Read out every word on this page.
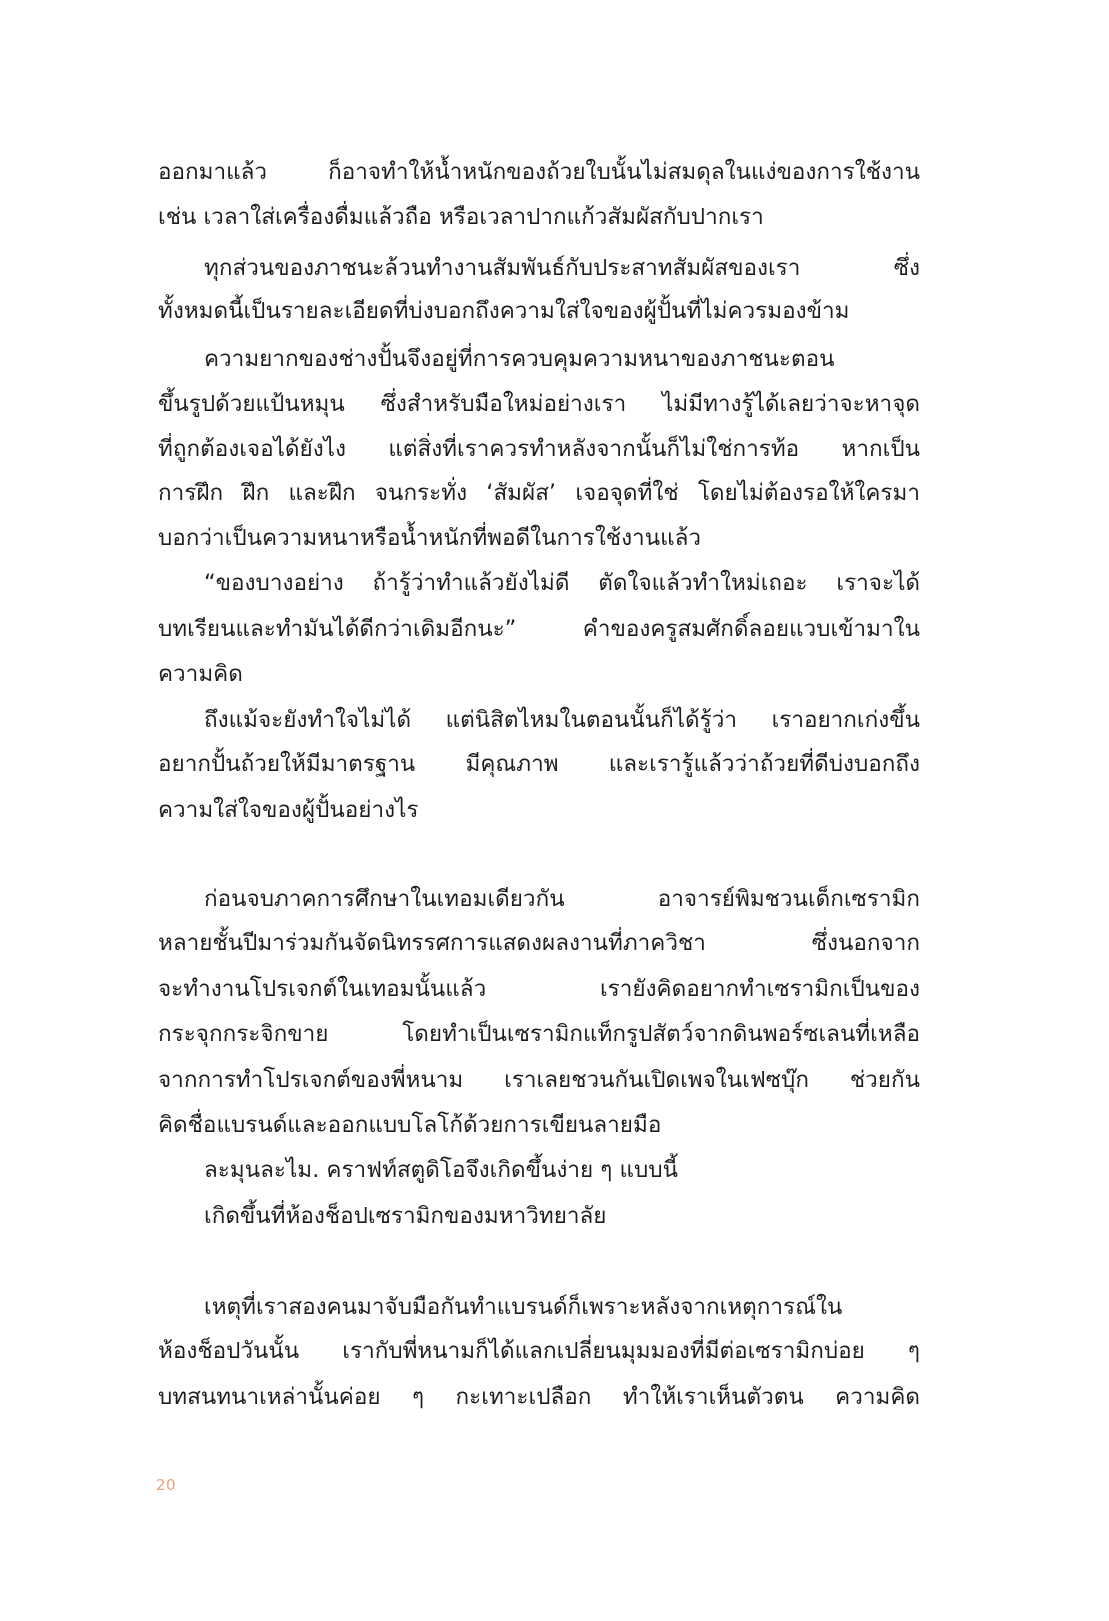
ออกมาแล้ว ก็อาจทำให้น้ำหนักของถ้วยใบนั้นไม่สมดุลในแง่ของการใช้งาน
เช่น เวลาใส่เครื่องดื่มแล้วถือ หรือเวลาปากแก้วสัมผัสกับปากเรา
ทุกส่วนของภาชนะล้วนทำงานสัมพันธ์กับประสาทสัมผัสของเรา ซึ่ง
ทั้งหมดนี้เป็นรายละเอียดที่บ่งบอกถึงความใส่ใจของผู้ปั้นที่ไม่ควรมองข้าม
ความยากของช่างปั้นจึงอยู่ที่การควบคุมความหนาของภาชนะตอน
ขึ้นรูปด้วยแป้นหมุน ซึ่งสำหรับมือใหม่อย่างเรา ไม่มีทางรู้ได้เลยว่าจะหาจุด
ที่ถูกต้องเจอได้ยังไง แต่สิ่งที่เราควรทำหลังจากนั้นก็ไม่ใช่การท้อ หากเป็น
การฝึก ฝึก และฝึก จนกระทั่ง ‘สัมผัส’ เจอจุดที่ใช่ โดยไม่ต้องรอให้ใครมา
บอกว่าเป็นความหนาหรือน้ำหนักที่พอดีในการใช้งานแล้ว
“ของบางอย่าง ถ้ารู้ว่าทำแล้วยังไม่ดี ตัดใจแล้วทำใหม่เถอะ เราจะได้
บทเรียนและทำมันได้ดีกว่าเดิมอีกนะ” คำของครูสมศักดิ์ลอยแวบเข้ามาใน
ความคิด
ถึงแม้จะยังทำใจไม่ได้ แต่นิสิตไหมในตอนนั้นก็ได้รู้ว่า เราอยากเก่งขึ้น
อยากปั้นถ้วยให้มีมาตรฐาน มีคุณภาพ และเรารู้แล้วว่าถ้วยที่ดีบ่งบอกถึง
ความใส่ใจของผู้ปั้นอย่างไร
ก่อนจบภาคการศึกษาในเทอมเดียวกัน อาจารย์พิมชวนเด็กเซรามิก
หลายชั้นปีมาร่วมกันจัดนิทรรศการแสดงผลงานที่ภาควิชา ซึ่งนอกจาก
จะทำงานโปรเจกต์ในเทอมนั้นแล้ว เรายังคิดอยากทำเซรามิกเป็นของ
กระจุกกระจิกขาย โดยทำเป็นเซรามิกแท็กรูปสัตว์จากดินพอร์ซเลนที่เหลือ
จากการทำโปรเจกต์ของพี่หนาม เราเลยชวนกันเปิดเพจในเฟซบุ๊ก ช่วยกัน
คิดชื่อแบรนด์และออกแบบโลโก้ด้วยการเขียนลายมือ
ละมุนละไม. คราฟท์สตูดิโอจึงเกิดขึ้นง่าย ๆ แบบนี้
เกิดขึ้นที่ห้องช็อปเซรามิกของมหาวิทยาลัย
เหตุที่เราสองคนมาจับมือกันทำแบรนด์ก็เพราะหลังจากเหตุการณ์ใน
ห้องช็อปวันนั้น เรากับพี่หนามก็ได้แลกเปลี่ยนมุมมองที่มีต่อเซรามิกบ่อย ๆ
บทสนทนาเหล่านั้นค่อย ๆ กะเทาะเปลือก ทำให้เราเห็นตัวตน ความคิด
20
